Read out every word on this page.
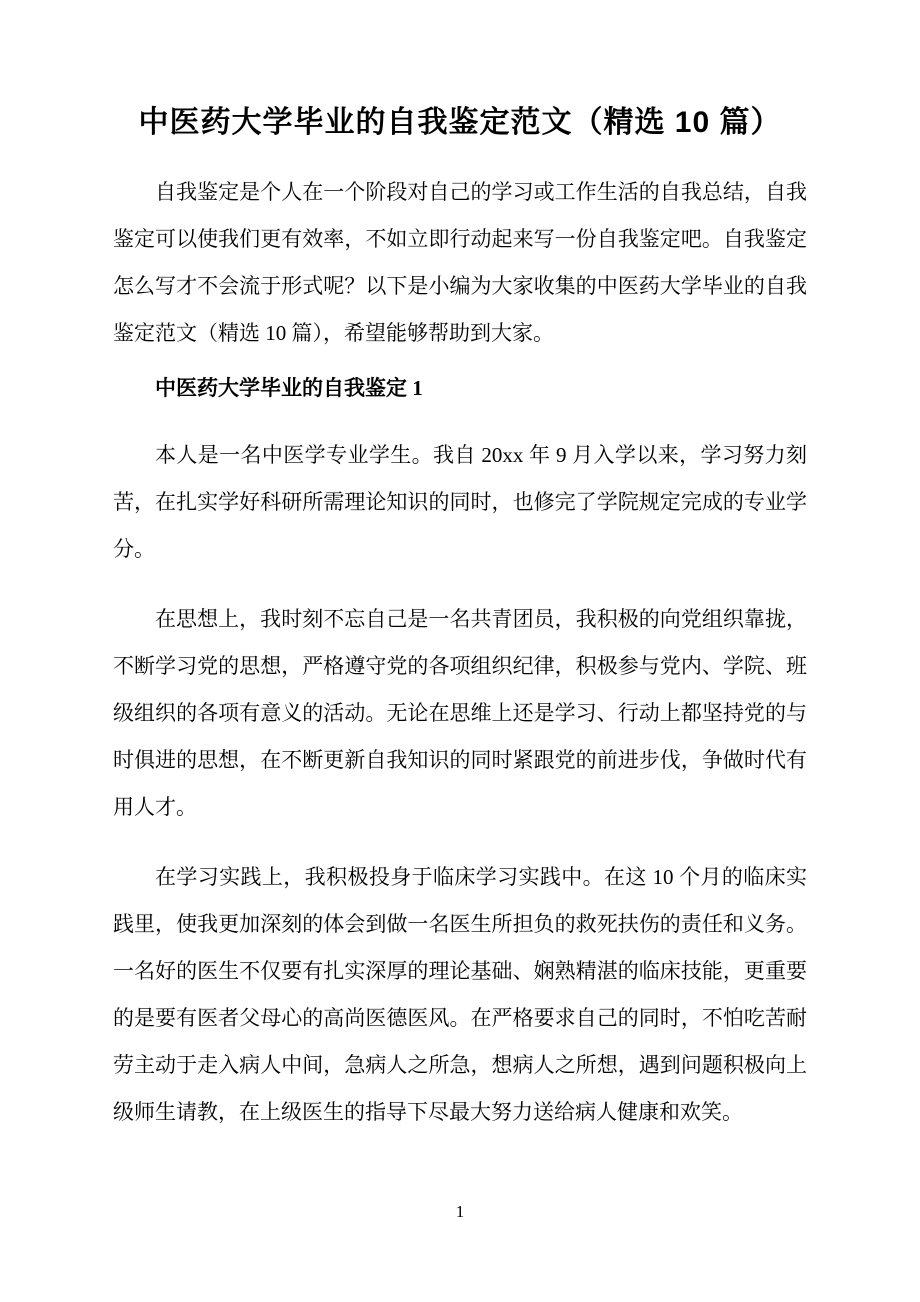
中医药大学毕业的自我鉴定范文（精选 10 篇）

自我鉴定是个人在一个阶段对自己的学习或工作生活的自我总结，自我鉴定可以使我们更有效率，不如立即行动起来写一份自我鉴定吧。自我鉴定怎么写才不会流于形式呢？以下是小编为大家收集的中医药大学毕业的自我鉴定范文（精选 10 篇），希望能够帮助到大家。

中医药大学毕业的自我鉴定 1

本人是一名中医学专业学生。我自 20xx 年 9 月入学以来，学习努力刻苦，在扎实学好科研所需理论知识的同时，也修完了学院规定完成的专业学分。

在思想上，我时刻不忘自己是一名共青团员，我积极的向党组织靠拢，不断学习党的思想，严格遵守党的各项组织纪律，积极参与党内、学院、班级组织的各项有意义的活动。无论在思维上还是学习、行动上都坚持党的与时俱进的思想，在不断更新自我知识的同时紧跟党的前进步伐，争做时代有用人才。

在学习实践上，我积极投身于临床学习实践中。在这 10 个月的临床实践里，使我更加深刻的体会到做一名医生所担负的救死扶伤的责任和义务。一名好的医生不仅要有扎实深厚的理论基础、娴熟精湛的临床技能，更重要的是要有医者父母心的高尚医德医风。在严格要求自己的同时，不怕吃苦耐劳主动于走入病人中间，急病人之所急，想病人之所想，遇到问题积极向上级师生请教，在上级医生的指导下尽最大努力送给病人健康和欢笑。

1
